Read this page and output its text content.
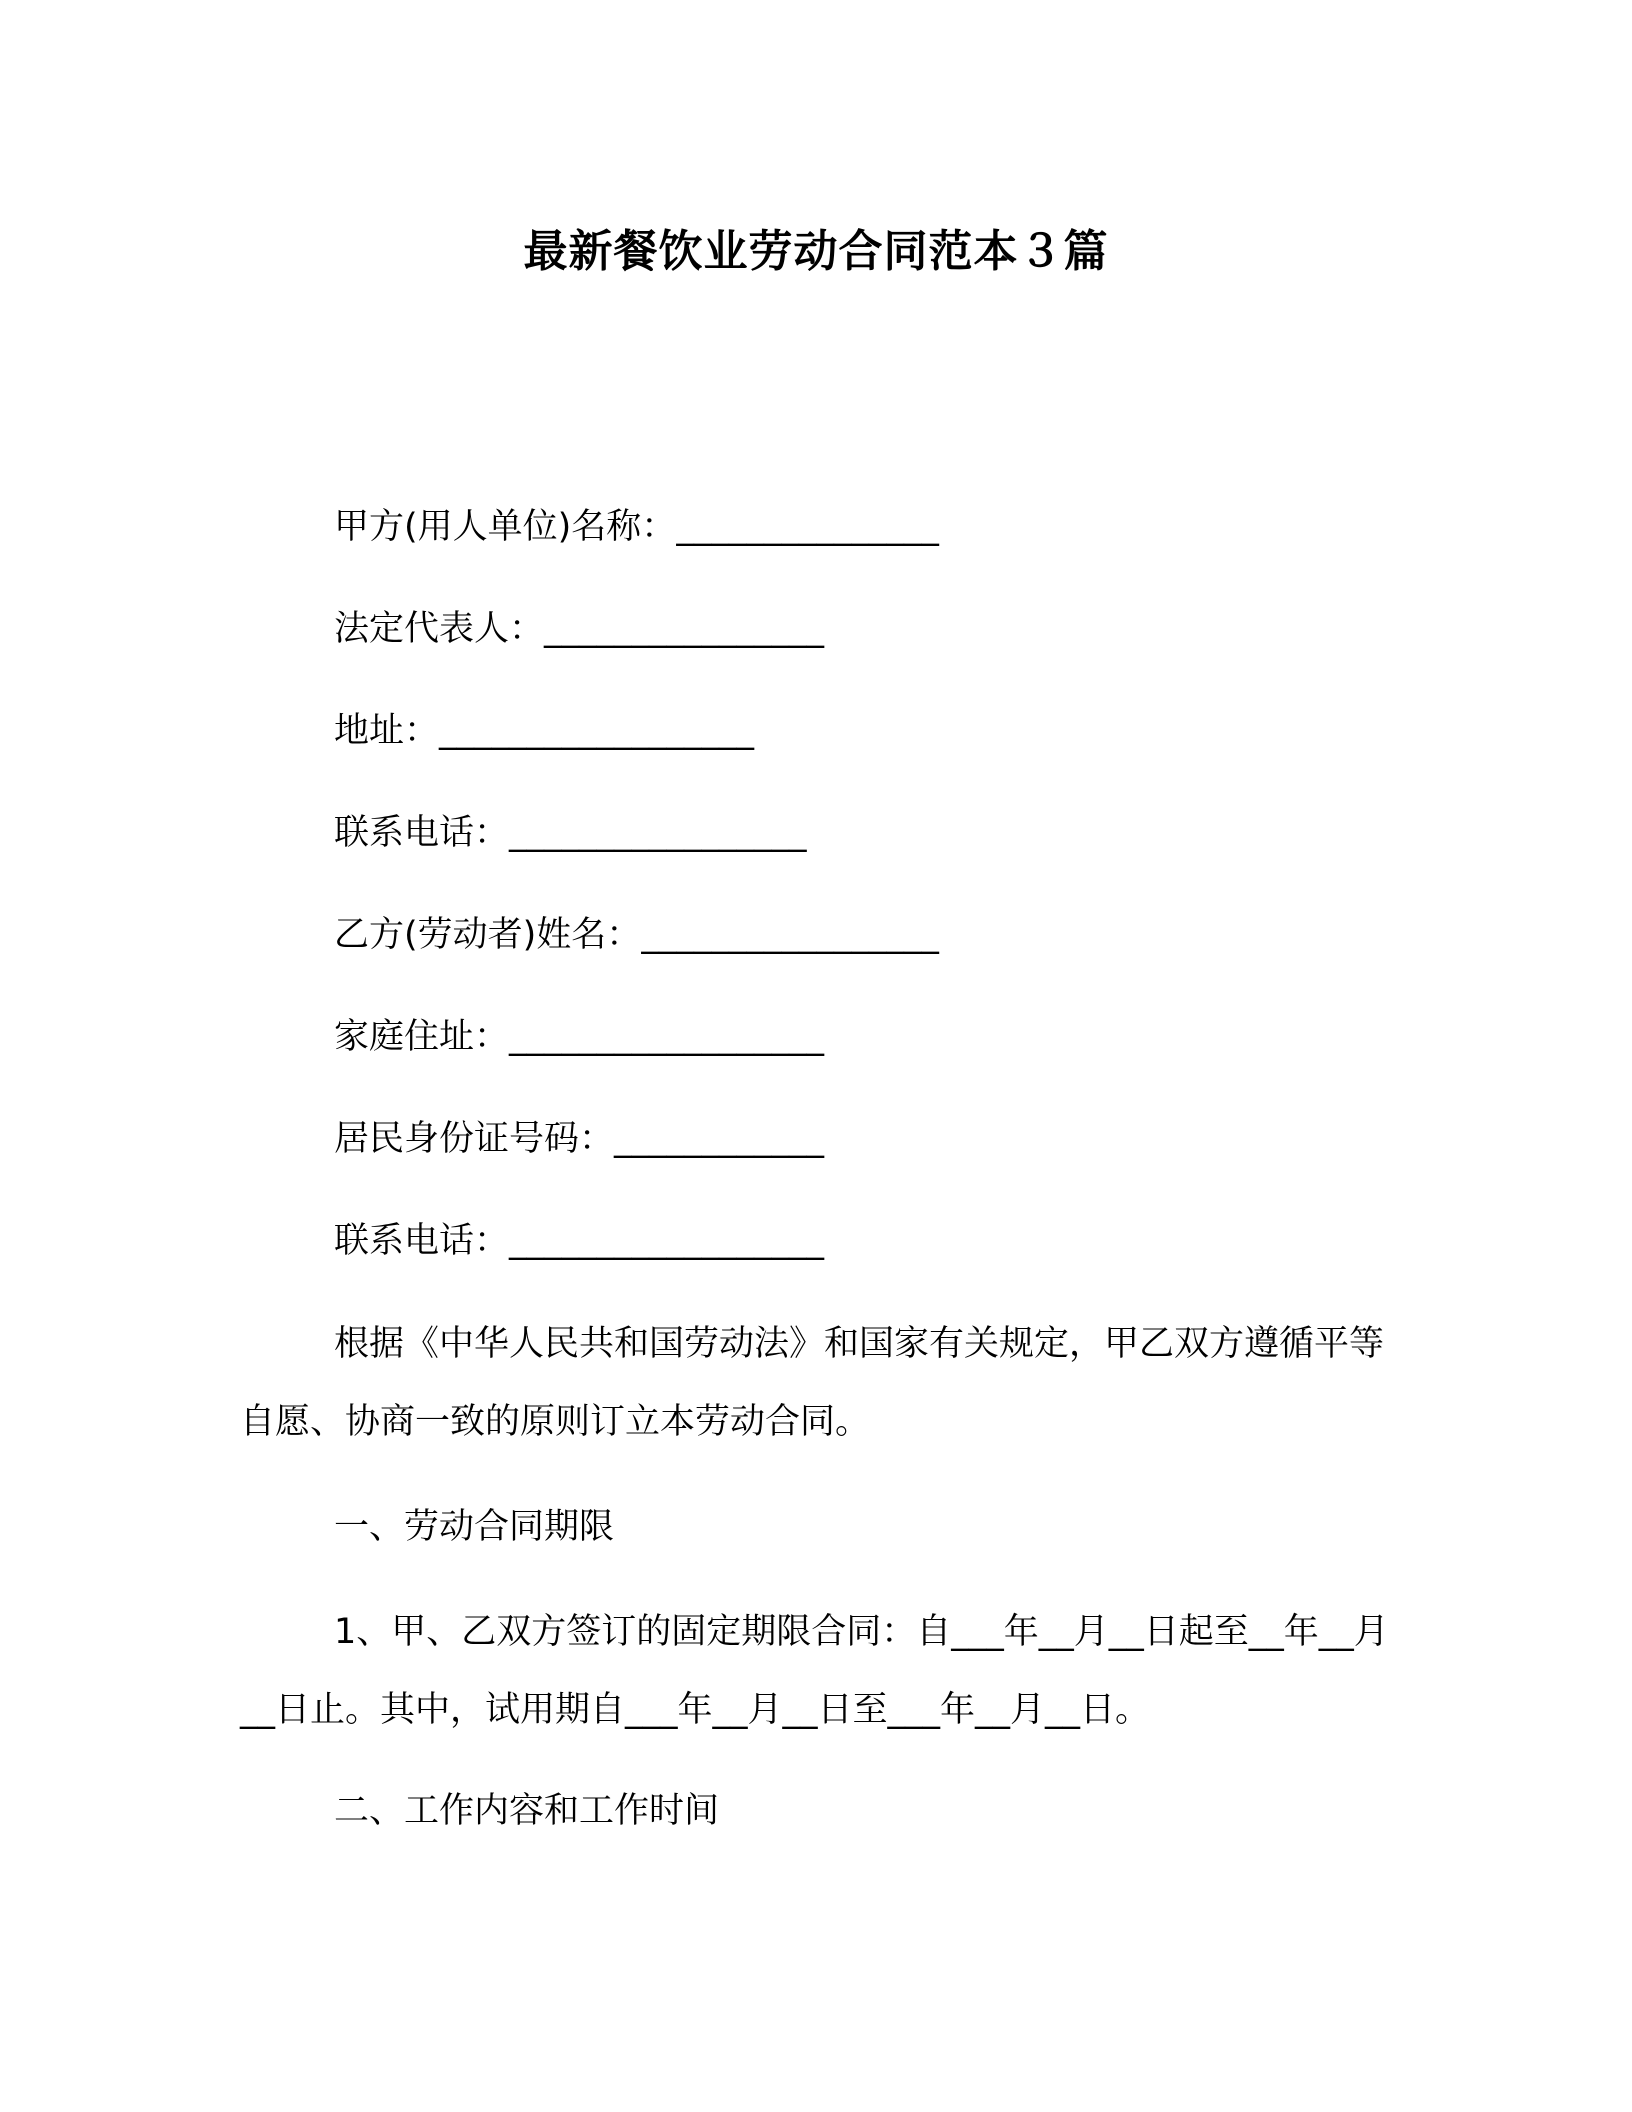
最新餐饮业劳动合同范本３篇
甲方(用人单位)名称：_______________
法定代表人：________________
地址：__________________
联系电话：_________________
乙方(劳动者)姓名：_________________
家庭住址：__________________
居民身份证号码：____________
联系电话：__________________
根据《中华人民共和国劳动法》和国家有关规定，甲乙双方遵循平等自愿、协商一致的原则订立本劳动合同。
一、劳动合同期限
1、甲、乙双方签订的固定期限合同：自___年__月__日起至__年__月__日止。其中，试用期自___年__月__日至___年__月__日。
二、工作内容和工作时间
